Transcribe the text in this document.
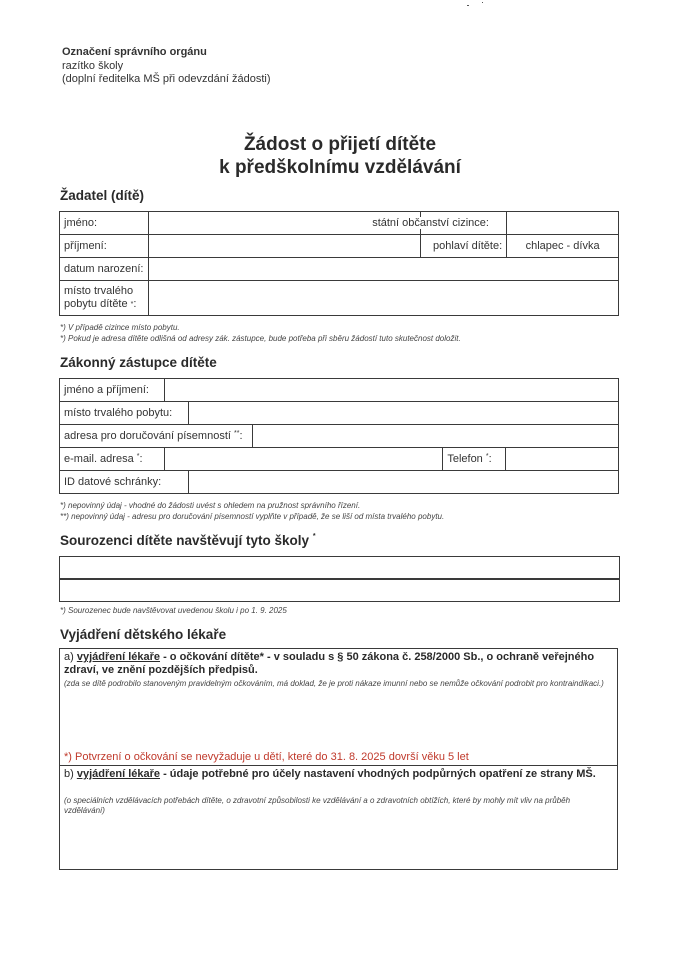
Označení správního orgánu
razítko školy
(doplní ředitelka MŠ při odevzdání žádosti)
Žádost o přijetí dítěte
k předškolnímu vzdělávání
Žadatel (dítě)
jméno:		státní občanství cizince:	
příjmení:		pohlaví dítěte:	chlapec - dívka
datum narození:			
místo trvalého
pobytu dítěte *:			
*) V případě cizince místo pobytu.
*) Pokud je adresa dítěte odlišná od adresy zák. zástupce, bude potřeba při sběru žádostí tuto skutečnost doložit.
Zákonný zástupce dítěte
jméno a příjmení:					
místo trvalého pobytu:					
adresa pro doručování písemností **:					
e-mail. adresa *:				Telefon *:	
ID datové schránky:					
*) nepovinný údaj - vhodné do žádosti uvést s ohledem na pružnost správního řízení.
**) nepovinný údaj - adresu pro doručování písemností vyplňte v případě, že se liší od místa trvalého pobytu.
Sourozenci dítěte navštěvují tyto školy *
*) Sourozenec bude navštěvovat uvedenou školu i po 1. 9. 2025
Vyjádření dětského lékaře
a) vyjádření lékaře - o očkování dítěte* - v souladu s § 50 zákona č. 258/2000 Sb., o ochraně veřejného zdraví, ve znění pozdějších předpisů.
(zda se dítě podrobilo stanoveným pravidelným očkováním, má doklad, že je proti nákaze imunní nebo se nemůže očkování podrobit pro kontraindikaci.)
*) Potvrzení o očkování se nevyžaduje u dětí, které do 31. 8. 2025 dovrší věku 5 let
b) vyjádření lékaře - údaje potřebné pro účely nastavení vhodných podpůrných opatření ze strany MŠ.
(o speciálních vzdělávacích potřebách dítěte, o zdravotní způsobilosti ke vzdělávání a o zdravotních obtížích, které by mohly mít vliv na průběh vzdělávání)
